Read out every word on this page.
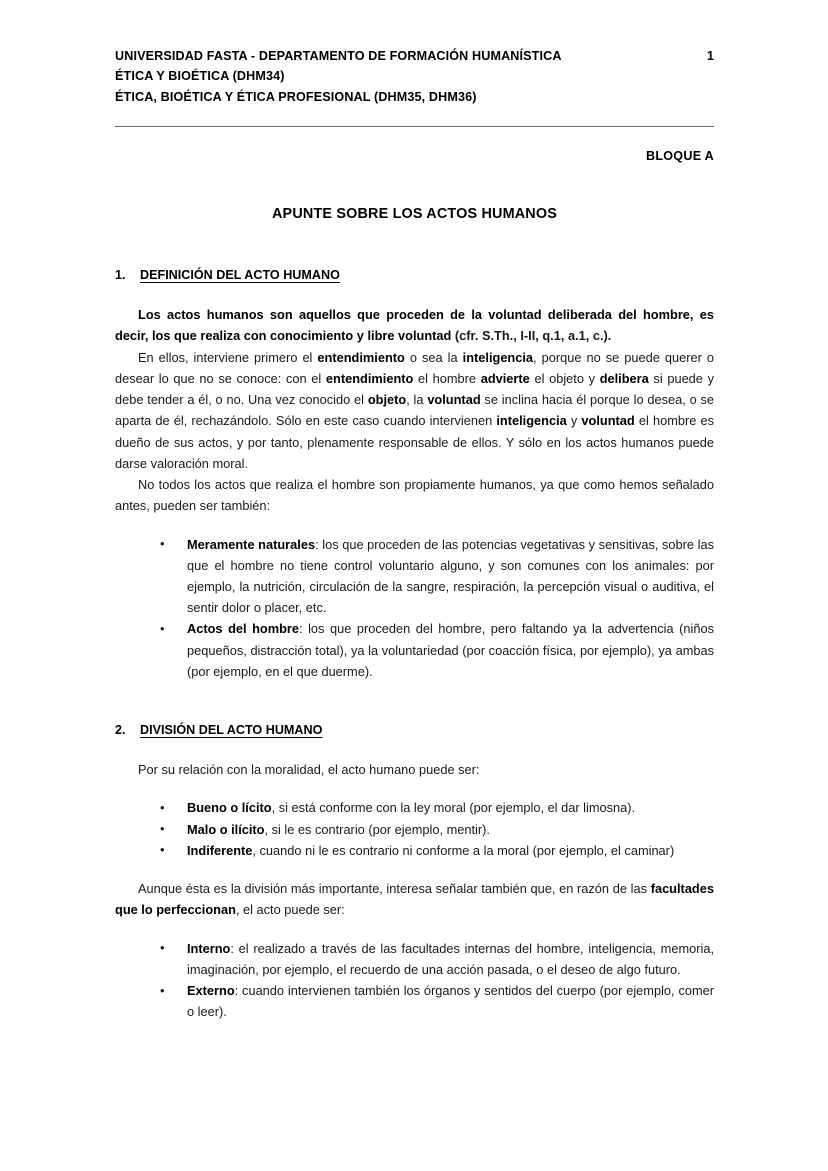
UNIVERSIDAD FASTA - DEPARTAMENTO DE FORMACIÓN HUMANÍSTICA
ÉTICA Y BIOÉTICA (DHM34)
ÉTICA, BIOÉTICA Y ÉTICA PROFESIONAL (DHM35, DHM36)
1
BLOQUE A
APUNTE SOBRE LOS ACTOS HUMANOS
1.	DEFINICIÓN DEL ACTO HUMANO

Los actos humanos son aquellos que proceden de la voluntad deliberada del hombre, es decir, los que realiza con conocimiento y libre voluntad (cfr. S.Th., I-II, q.1, a.1, c.).

En ellos, interviene primero el entendimiento o sea la inteligencia, porque no se puede querer o desear lo que no se conoce: con el entendimiento el hombre advierte el objeto y delibera si puede y debe tender a él, o no. Una vez conocido el objeto, la voluntad se inclina hacia él porque lo desea, o se aparta de él, rechazándolo. Sólo en este caso cuando intervienen inteligencia y voluntad el hombre es dueño de sus actos, y por tanto, plenamente responsable de ellos. Y sólo en los actos humanos puede darse valoración moral.

No todos los actos que realiza el hombre son propiamente humanos, ya que como hemos señalado antes, pueden ser también:

• Meramente naturales: los que proceden de las potencias vegetativas y sensitivas, sobre las que el hombre no tiene control voluntario alguno, y son comunes con los animales: por ejemplo, la nutrición, circulación de la sangre, respiración, la percepción visual o auditiva, el sentir dolor o placer, etc.
• Actos del hombre: los que proceden del hombre, pero faltando ya la advertencia (niños pequeños, distracción total), ya la voluntariedad (por coacción física, por ejemplo), ya ambas (por ejemplo, en el que duerme).
2.	DIVISIÓN DEL ACTO HUMANO

Por su relación con la moralidad, el acto humano puede ser:

• Bueno o lícito, si está conforme con la ley moral (por ejemplo, el dar limosna).
• Malo o ilícito, si le es contrario (por ejemplo, mentir).
• Indiferente, cuando ni le es contrario ni conforme a la moral (por ejemplo, el caminar)

Aunque ésta es la división más importante, interesa señalar también que, en razón de las facultades que lo perfeccionan, el acto puede ser:

• Interno: el realizado a través de las facultades internas del hombre, inteligencia, memoria, imaginación, por ejemplo, el recuerdo de una acción pasada, o el deseo de algo futuro.
• Externo: cuando intervienen también los órganos y sentidos del cuerpo (por ejemplo, comer o leer).
